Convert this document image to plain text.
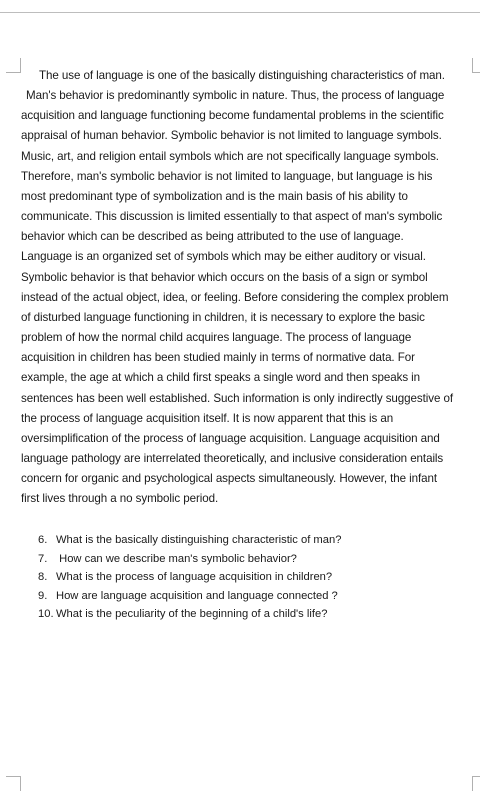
The use of language is one of the basically distinguishing characteristics of man.
Man's behavior is predominantly symbolic in nature. Thus, the process of language
acquisition and language functioning become fundamental problems in the scientific
appraisal of human behavior. Symbolic behavior is not limited to language symbols.
Music, art, and religion entail symbols which are not specifically language symbols.
Therefore, man's symbolic behavior is not limited to language, but language is his
most predominant type of symbolization and is the main basis of his ability to
communicate. This discussion is limited essentially to that aspect of man's symbolic
behavior which can be described as being attributed to the use of language.
Language is an organized set of symbols which may be either auditory or visual.
Symbolic behavior is that behavior which occurs on the basis of a sign or symbol
instead of the actual object, idea, or feeling. Before considering the complex problem
of disturbed language functioning in children, it is necessary to explore the basic
problem of how the normal child acquires language. The process of language
acquisition in children has been studied mainly in terms of normative data. For
example, the age at which a child first speaks a single word and then speaks in
sentences has been well established. Such information is only indirectly suggestive of
the process of language acquisition itself. It is now apparent that this is an
oversimplification of the process of language acquisition. Language acquisition and
language pathology are interrelated theoretically, and inclusive consideration entails
concern for organic and psychological aspects simultaneously. However, the infant
first lives through a no symbolic period.
6. What is the basically distinguishing characteristic of man?
7. How can we describe man's symbolic behavior?
8. What is the process of language acquisition in children?
9. How are language acquisition and language connected ?
10. What is the peculiarity of the beginning of a child's life?
